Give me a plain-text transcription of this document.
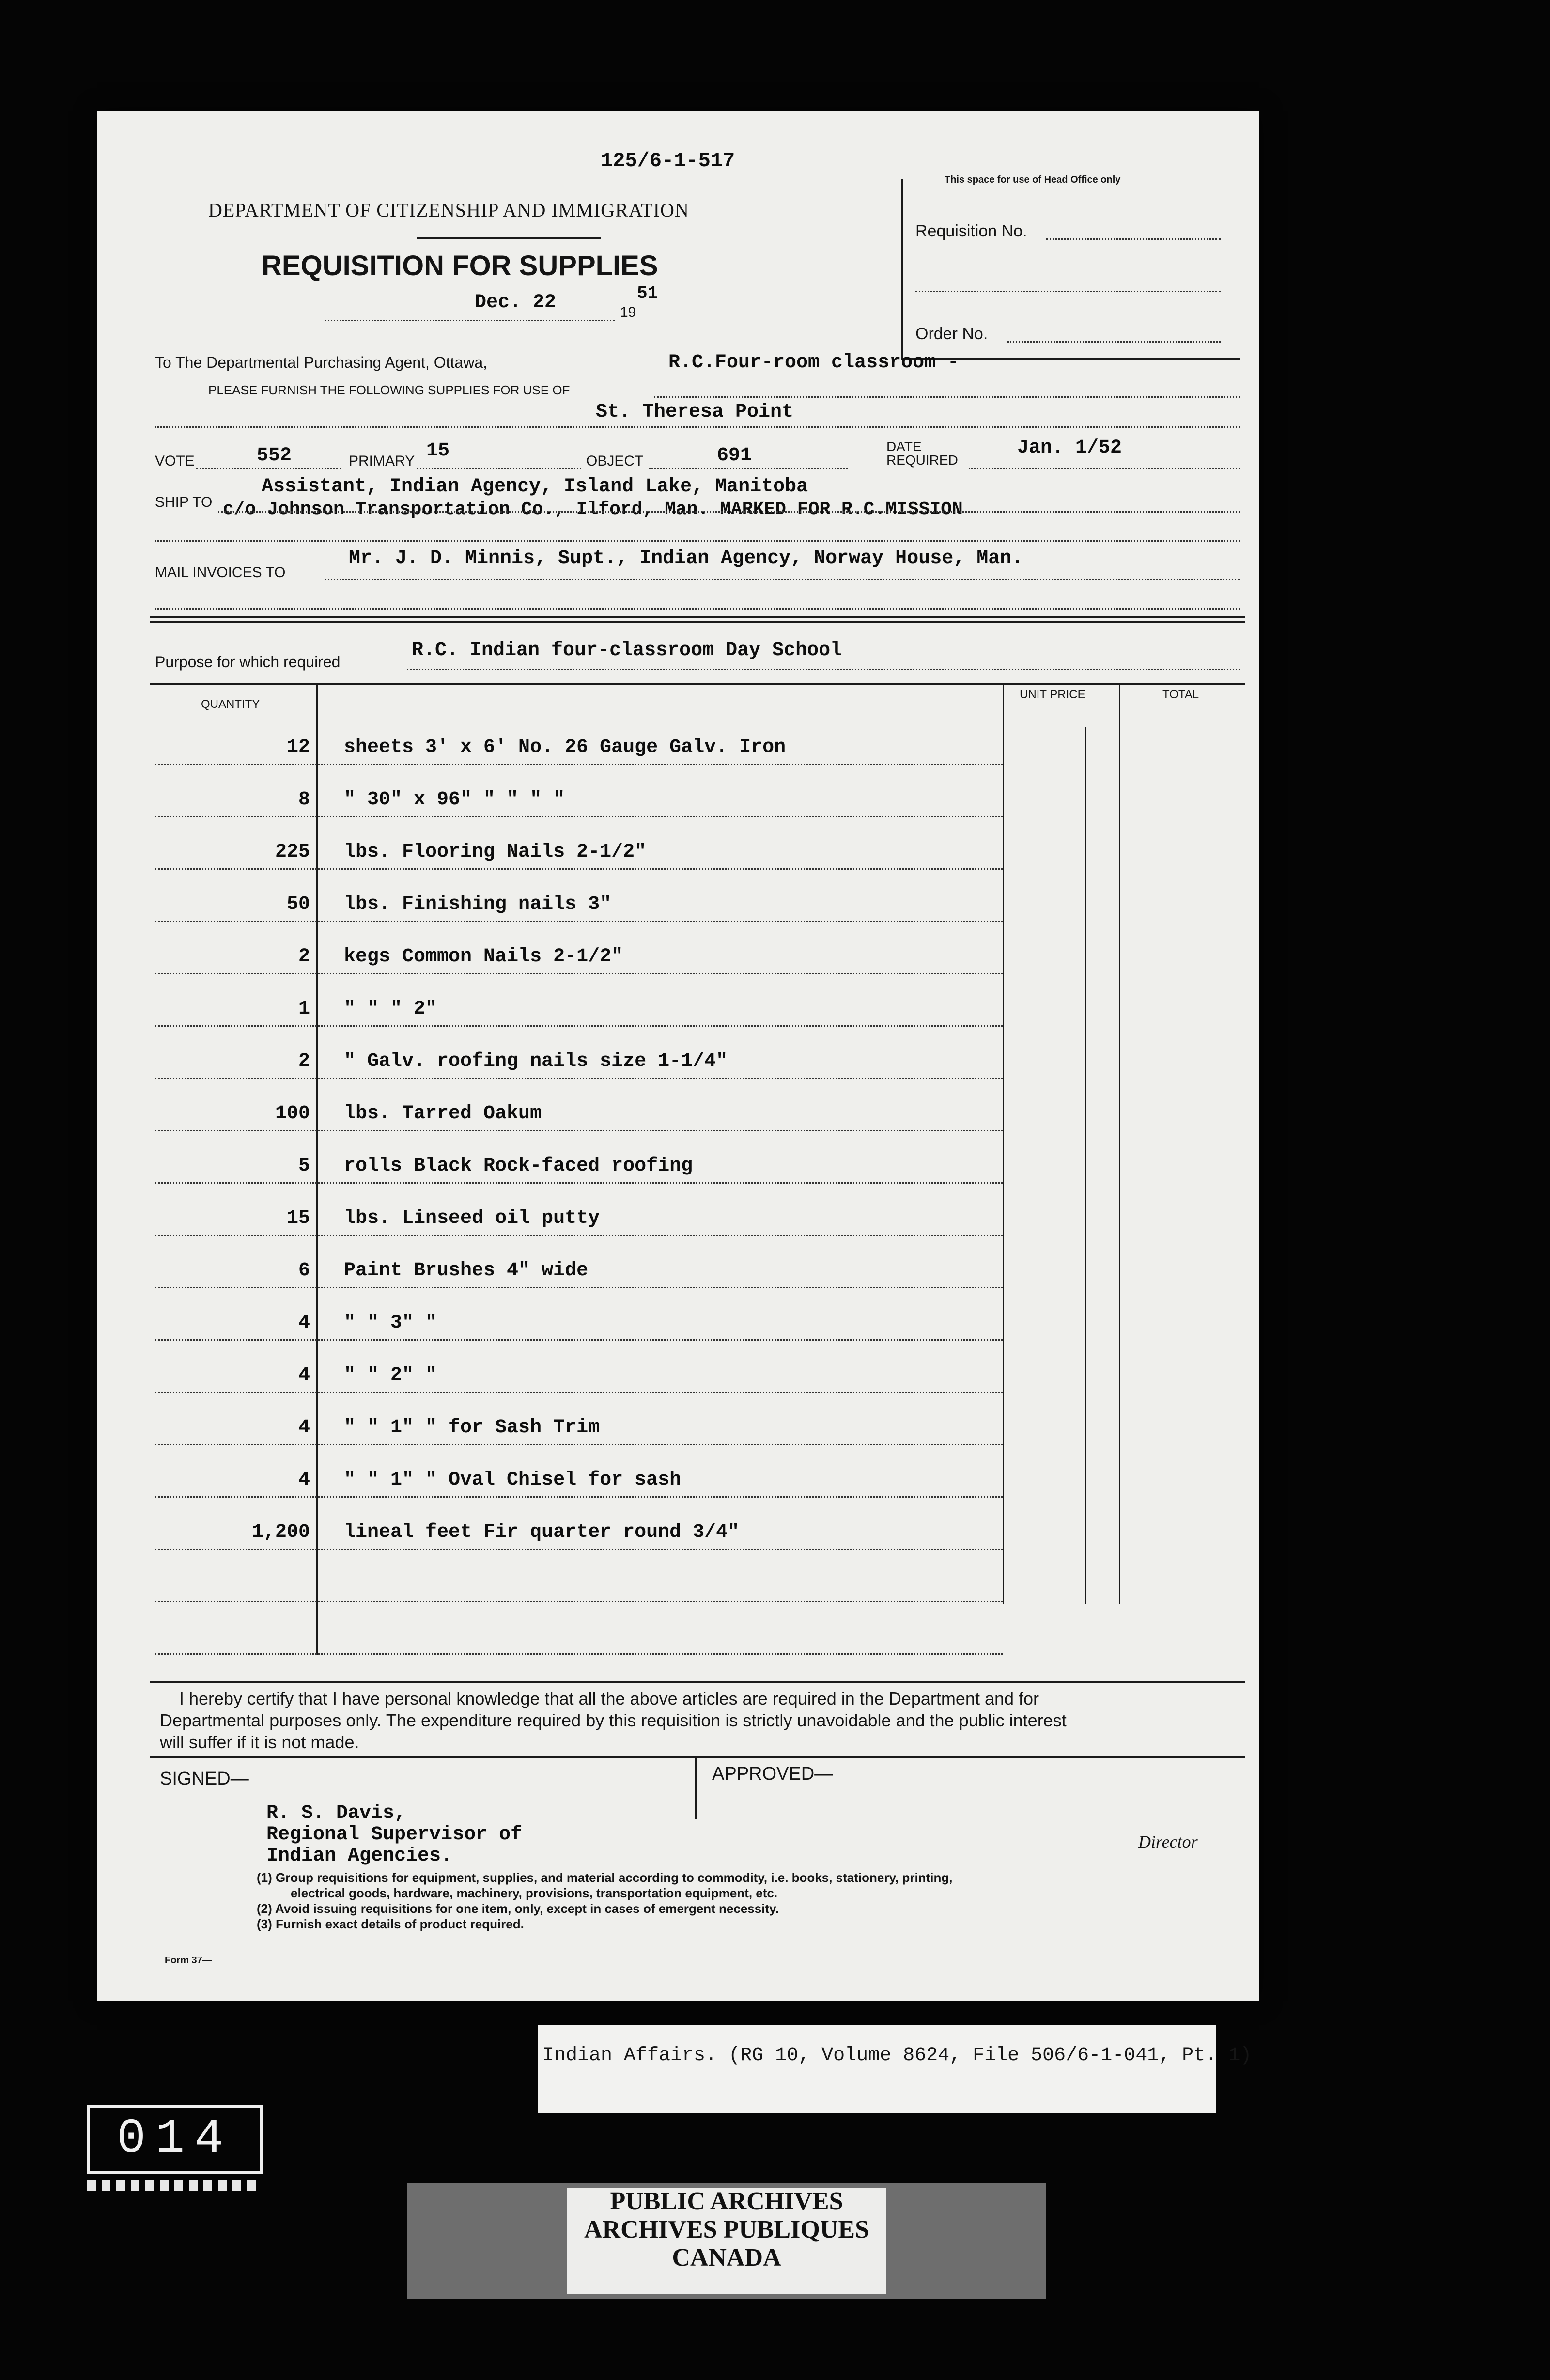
125/6-1-517
DEPARTMENT OF CITIZENSHIP AND IMMIGRATION
REQUISITION FOR SUPPLIES
Dec. 22	19
51
This space for use of Head Office only
Requisition No.
Order No.
To The Departmental Purchasing Agent, Ottawa,	R.C.Four-room classroom -
PLEASE FURNISH THE FOLLOWING SUPPLIES FOR USE OF
St. Theresa Point
VOTE	552	PRIMARY 15	OBJECT	691	DATE
REQUIRED
Jan. 1/52
SHIP TO
Assistant, Indian Agency, Island Lake, Manitoba
c/o Johnson Transportation Co., Ilford, Man. MARKED FOR R.C.MISSION
MAIL INVOICES TO
Mr. J. D. Minnis, Supt., Indian Agency, Norway House, Man.
Purpose for which required
R.C. Indian four-classroom Day School
QUANTITY
UNIT PRICE	TOTAL
12 sheets 3' x 6' No. 26 Gauge Galv. Iron
8 " 30" x 96" " " " "
225 lbs. Flooring Nails 2-1/2"
50 lbs. Finishing nails 3"
2 kegs Common Nails 2-1/2"
1 " " " 2"
2 " Galv. roofing nails size 1-1/4"
100 lbs. Tarred Oakum
5 rolls Black Rock-faced roofing
15 lbs. Linseed oil putty
6 Paint Brushes 4" wide
4 " " 3" "
4 " " 2" "
4 " " 1" " for Sash Trim
4 " " 1" " Oval Chisel for sash
1,200 lineal feet Fir quarter round 3/4"
I hereby certify that I have personal knowledge that all the above articles are required in the Department and for
Departmental purposes only. The expenditure required by this requisition is strictly unavoidable and the public interest
will suffer if it is not made.
SIGNED—	APPROVED—
R. S. Davis,
Regional Supervisor of
Indian Agencies.
Director
(1) Group requisitions for equipment, supplies, and material according to commodity, i.e. books, stationery, printing,
electrical goods, hardware, machinery, provisions, transportation equipment, etc.
(2) Avoid issuing requisitions for one item, only, except in cases of emergent necessity.
(3) Furnish exact details of product required.
Form 37—
Indian Affairs. (RG 10, Volume 8624, File 506/6-1-041, Pt. 1)
014
PUBLIC ARCHIVES
ARCHIVES PUBLIQUES
CANADA
